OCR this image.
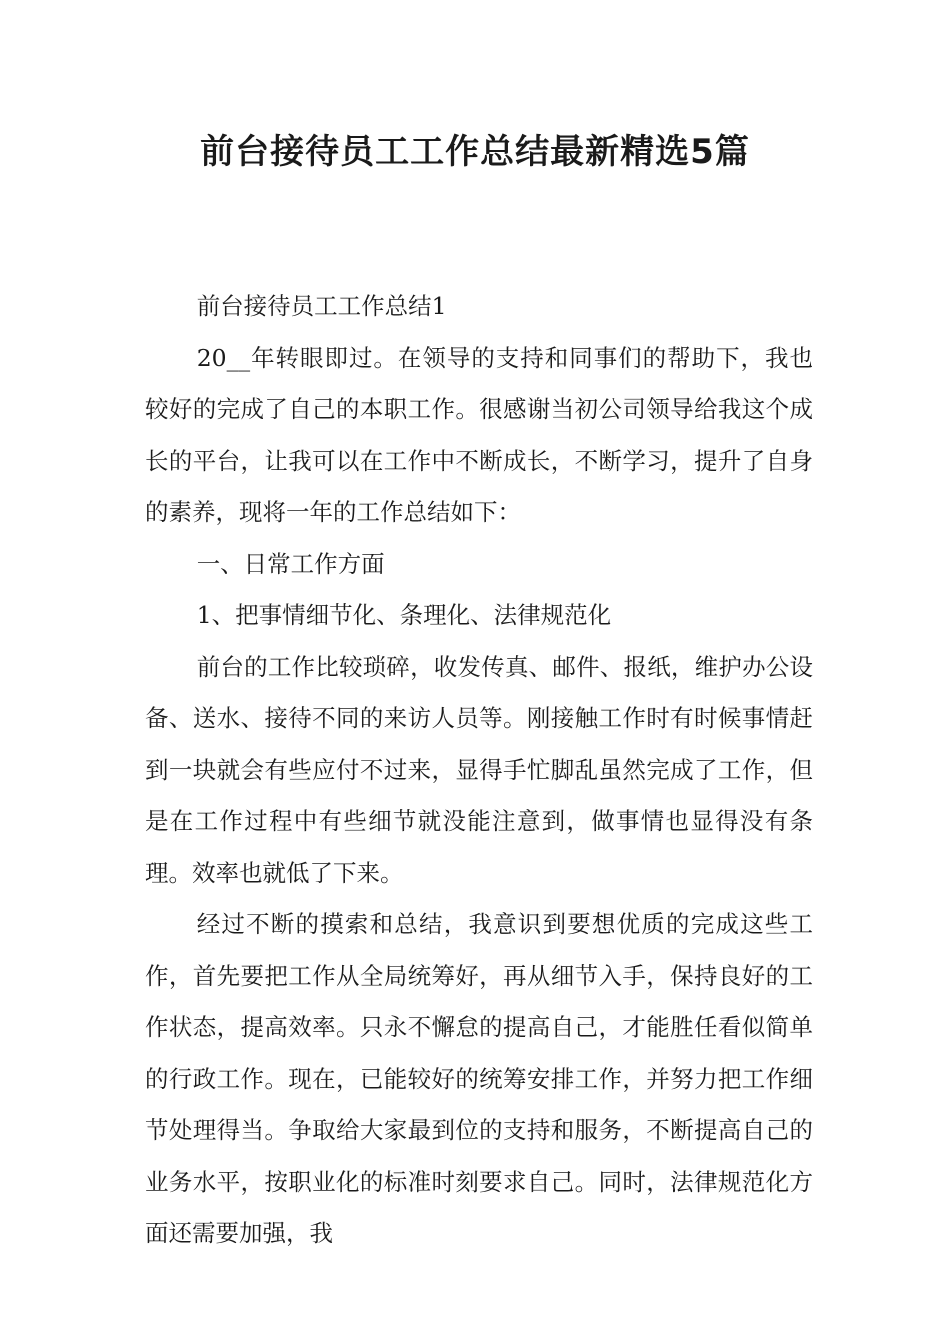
前台接待员工工作总结最新精选5篇

前台接待员工工作总结1

20__年转眼即过。在领导的支持和同事们的帮助下，我也较好的完成了自己的本职工作。很感谢当初公司领导给我这个成长的平台，让我可以在工作中不断成长，不断学习，提升了自身的素养，现将一年的工作总结如下：

一、日常工作方面

1、把事情细节化、条理化、法律规范化

前台的工作比较琐碎，收发传真、邮件、报纸，维护办公设备、送水、接待不同的来访人员等。刚接触工作时有时候事情赶到一块就会有些应付不过来，显得手忙脚乱虽然完成了工作，但是在工作过程中有些细节就没能注意到，做事情也显得没有条理。效率也就低了下来。

经过不断的摸索和总结，我意识到要想优质的完成这些工作，首先要把工作从全局统筹好，再从细节入手，保持良好的工作状态，提高效率。只永不懈怠的提高自己，才能胜任看似简单的行政工作。现在，已能较好的统筹安排工作，并努力把工作细节处理得当。争取给大家最到位的支持和服务，不断提高自己的业务水平，按职业化的标准时刻要求自己。同时，法律规范化方面还需要加强，我
